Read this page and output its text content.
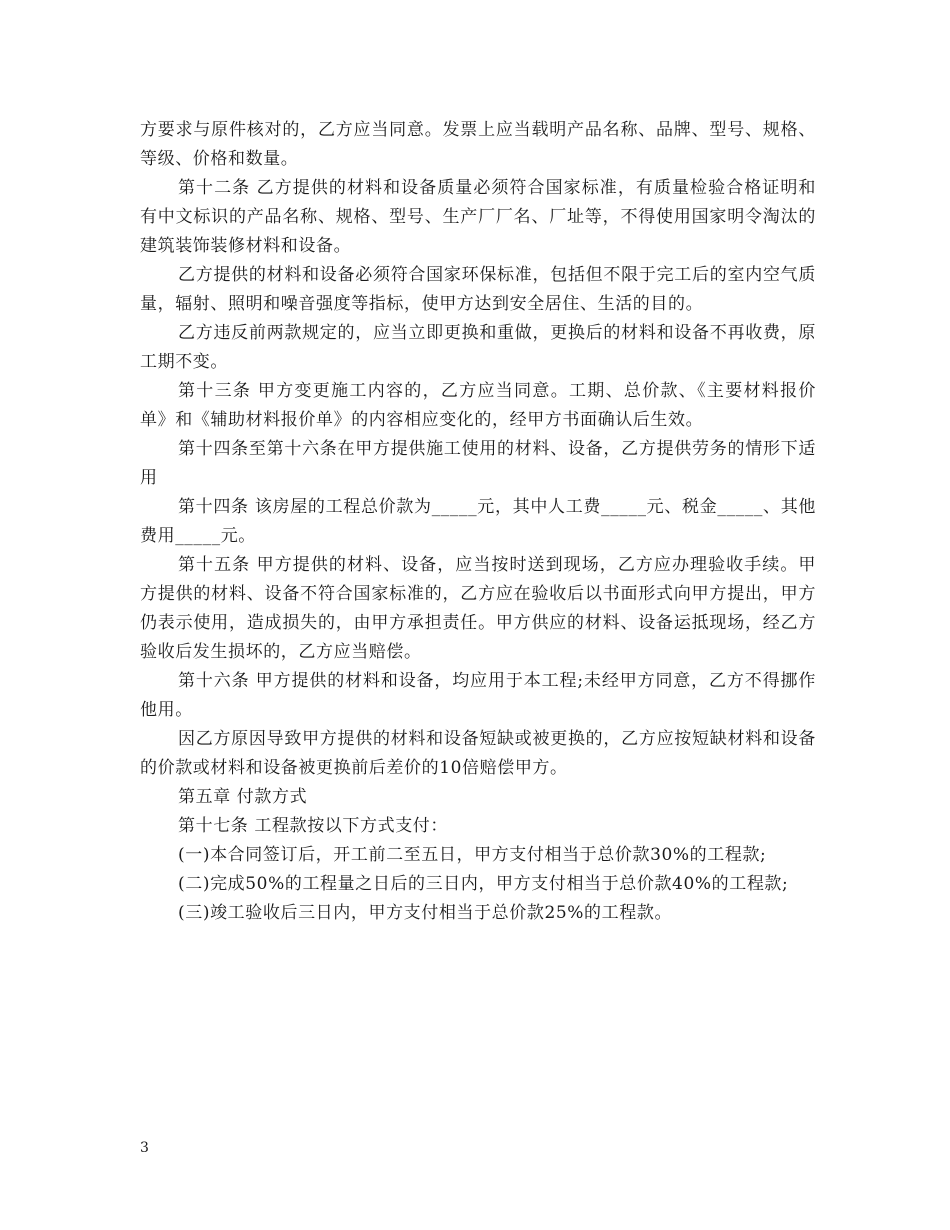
方要求与原件核对的，乙方应当同意。发票上应当载明产品名称、品牌、型号、规格、等级、价格和数量。

第十二条 乙方提供的材料和设备质量必须符合国家标准，有质量检验合格证明和有中文标识的产品名称、规格、型号、生产厂厂名、厂址等，不得使用国家明令淘汰的建筑装饰装修材料和设备。

乙方提供的材料和设备必须符合国家环保标准，包括但不限于完工后的室内空气质量，辐射、照明和噪音强度等指标，使甲方达到安全居住、生活的目的。

乙方违反前两款规定的，应当立即更换和重做，更换后的材料和设备不再收费，原工期不变。

第十三条 甲方变更施工内容的，乙方应当同意。工期、总价款、《主要材料报价单》和《辅助材料报价单》的内容相应变化的，经甲方书面确认后生效。

第十四条至第十六条在甲方提供施工使用的材料、设备，乙方提供劳务的情形下适用

第十四条 该房屋的工程总价款为_____元，其中人工费_____元、税金_____、其他费用_____元。

第十五条 甲方提供的材料、设备，应当按时送到现场，乙方应办理验收手续。甲方提供的材料、设备不符合国家标准的，乙方应在验收后以书面形式向甲方提出，甲方仍表示使用，造成损失的，由甲方承担责任。甲方供应的材料、设备运抵现场，经乙方验收后发生损坏的，乙方应当赔偿。

第十六条 甲方提供的材料和设备，均应用于本工程;未经甲方同意，乙方不得挪作他用。

因乙方原因导致甲方提供的材料和设备短缺或被更换的，乙方应按短缺材料和设备的价款或材料和设备被更换前后差价的10倍赔偿甲方。

第五章 付款方式

第十七条 工程款按以下方式支付：

(一)本合同签订后，开工前二至五日，甲方支付相当于总价款30%的工程款;

(二)完成50%的工程量之日后的三日内，甲方支付相当于总价款40%的工程款;

(三)竣工验收后三日内，甲方支付相当于总价款25%的工程款。

3
